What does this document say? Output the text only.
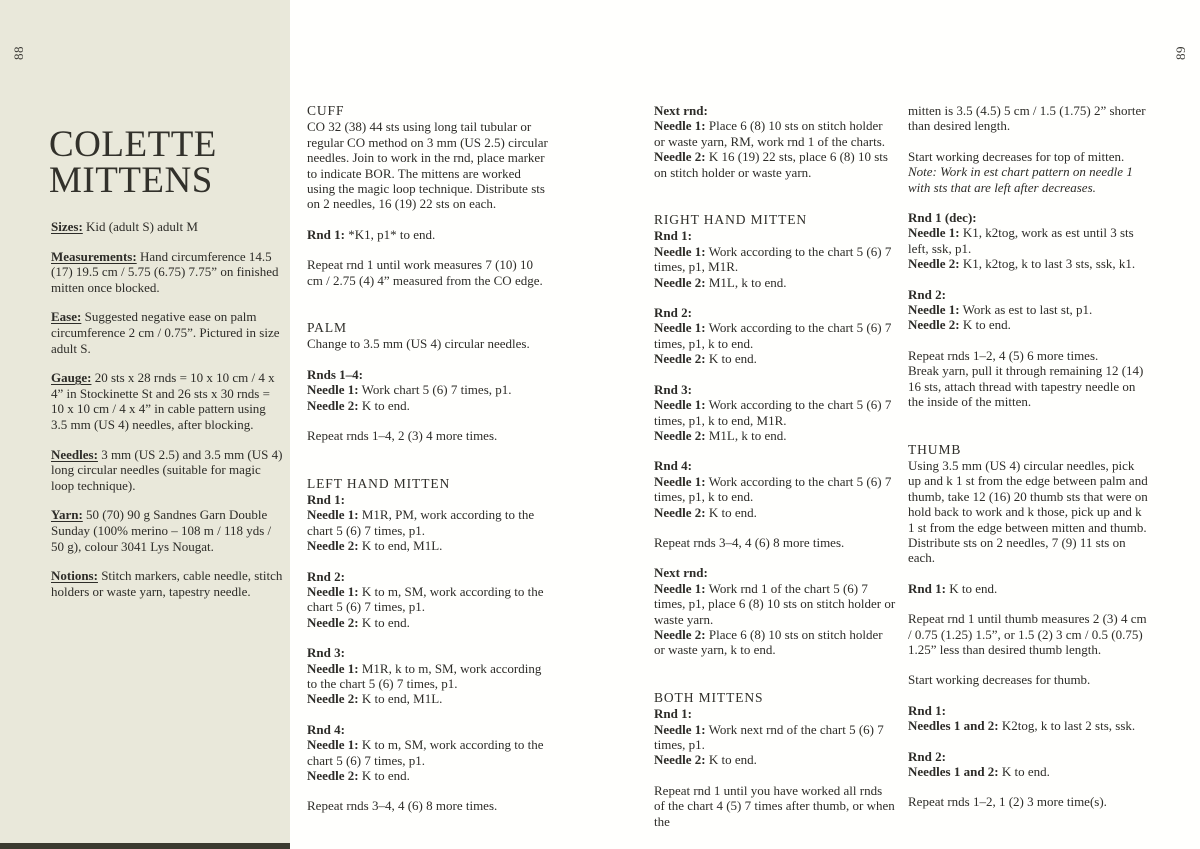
88
COLETTE
MITTENS
Sizes: Kid (adult S) adult M
Measurements: Hand circumference 14.5 (17) 19.5 cm / 5.75 (6.75) 7.75” on finished mitten once blocked.
Ease: Suggested negative ease on palm circumference 2 cm / 0.75”. Pictured in size adult S.
Gauge: 20 sts x 28 rnds = 10 x 10 cm / 4 x 4” in Stockinette St and 26 sts x 30 rnds = 10 x 10 cm / 4 x 4” in cable pattern using 3.5 mm (US 4) needles, after blocking.
Needles: 3 mm (US 2.5) and 3.5 mm (US 4) long circular needles (suitable for magic loop technique).
Yarn: 50 (70) 90 g Sandnes Garn Double Sunday (100% merino – 108 m / 118 yds / 50 g), colour 3041 Lys Nougat.
Notions: Stitch markers, cable needle, stitch holders or waste yarn, tapestry needle.
CUFF
CO 32 (38) 44 sts using long tail tubular or regular CO method on 3 mm (US 2.5) circular needles. Join to work in the rnd, place marker to indicate BOR. The mittens are worked using the magic loop technique. Distribute sts on 2 needles, 16 (19) 22 sts on each.
Rnd 1: *K1, p1* to end.
Repeat rnd 1 until work measures 7 (10) 10 cm / 2.75 (4) 4” measured from the CO edge.
PALM
Change to 3.5 mm (US 4) circular needles.
Rnds 1–4:
Needle 1: Work chart 5 (6) 7 times, p1.
Needle 2: K to end.
Repeat rnds 1–4, 2 (3) 4 more times.
LEFT HAND MITTEN
Rnd 1:
Needle 1: M1R, PM, work according to the chart 5 (6) 7 times, p1.
Needle 2: K to end, M1L.
Rnd 2:
Needle 1: K to m, SM, work according to the chart 5 (6) 7 times, p1.
Needle 2: K to end.
Rnd 3:
Needle 1: M1R, k to m, SM, work according to the chart 5 (6) 7 times, p1.
Needle 2: K to end, M1L.
Rnd 4:
Needle 1: K to m, SM, work according to the chart 5 (6) 7 times, p1.
Needle 2: K to end.
Repeat rnds 3–4, 4 (6) 8 more times.
Next rnd:
Needle 1: Place 6 (8) 10 sts on stitch holder or waste yarn, RM, work rnd 1 of the charts.
Needle 2: K 16 (19) 22 sts, place 6 (8) 10 sts on stitch holder or waste yarn.
RIGHT HAND MITTEN
Rnd 1:
Needle 1: Work according to the chart 5 (6) 7 times, p1, M1R.
Needle 2: M1L, k to end.
Rnd 2:
Needle 1: Work according to the chart 5 (6) 7 times, p1, k to end.
Needle 2: K to end.
Rnd 3:
Needle 1: Work according to the chart 5 (6) 7 times, p1, k to end, M1R.
Needle 2: M1L, k to end.
Rnd 4:
Needle 1: Work according to the chart 5 (6) 7 times, p1, k to end.
Needle 2: K to end.
Repeat rnds 3–4, 4 (6) 8 more times.
Next rnd:
Needle 1: Work rnd 1 of the chart 5 (6) 7 times, p1, place 6 (8) 10 sts on stitch holder or waste yarn.
Needle 2: Place 6 (8) 10 sts on stitch holder or waste yarn, k to end.
BOTH MITTENS
Rnd 1:
Needle 1: Work next rnd of the chart 5 (6) 7 times, p1.
Needle 2: K to end.
Repeat rnd 1 until you have worked all rnds of the chart 4 (5) 7 times after thumb, or when the
mitten is 3.5 (4.5) 5 cm / 1.5 (1.75) 2” shorter than desired length.
Start working decreases for top of mitten. Note: Work in est chart pattern on needle 1 with sts that are left after decreases.
Rnd 1 (dec):
Needle 1: K1, k2tog, work as est until 3 sts left, ssk, p1.
Needle 2: K1, k2tog, k to last 3 sts, ssk, k1.
Rnd 2:
Needle 1: Work as est to last st, p1.
Needle 2: K to end.
Repeat rnds 1–2, 4 (5) 6 more times.
Break yarn, pull it through remaining 12 (14) 16 sts, attach thread with tapestry needle on the inside of the mitten.
THUMB
Using 3.5 mm (US 4) circular needles, pick up and k 1 st from the edge between palm and thumb, take 12 (16) 20 thumb sts that were on hold back to work and k those, pick up and k 1 st from the edge between mitten and thumb. Distribute sts on 2 needles, 7 (9) 11 sts on each.
Rnd 1: K to end.
Repeat rnd 1 until thumb measures 2 (3) 4 cm / 0.75 (1.25) 1.5”, or 1.5 (2) 3 cm / 0.5 (0.75) 1.25” less than desired thumb length.
Start working decreases for thumb.
Rnd 1:
Needles 1 and 2: K2tog, k to last 2 sts, ssk.
Rnd 2:
Needles 1 and 2: K to end.
Repeat rnds 1–2, 1 (2) 3 more time(s).
89
